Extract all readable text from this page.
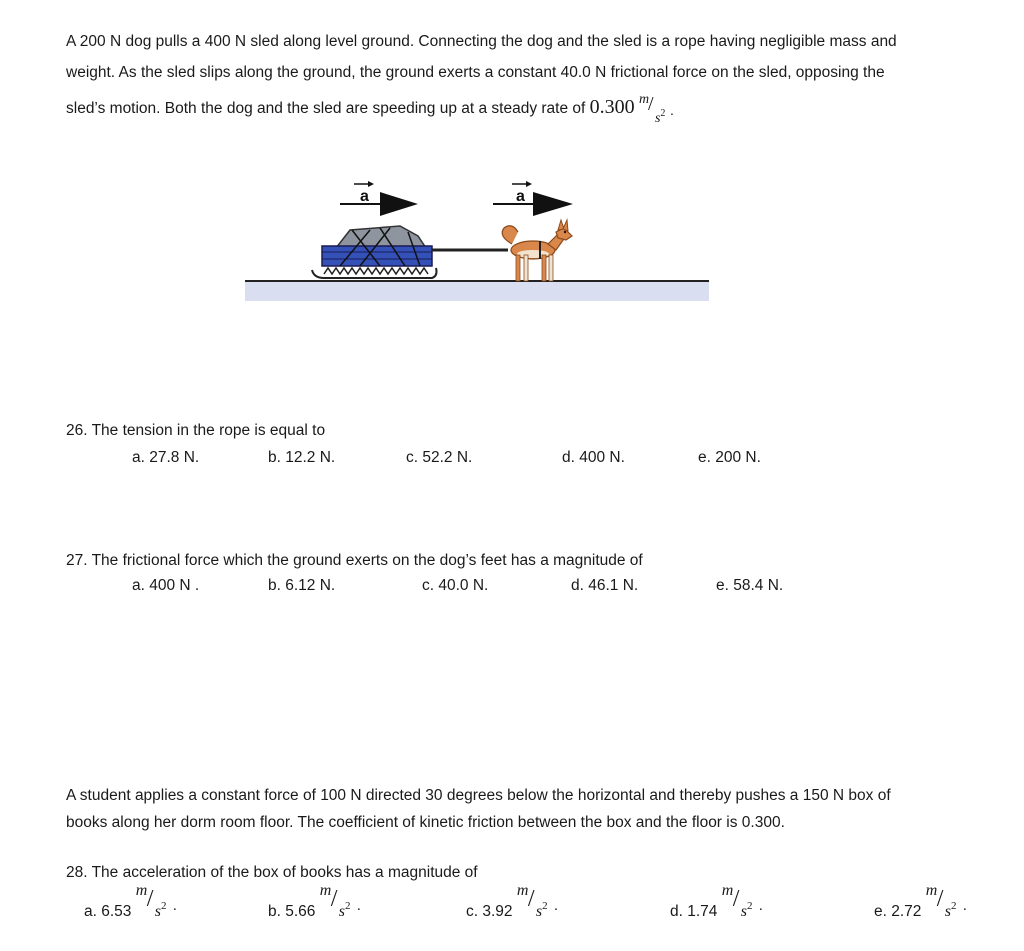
A 200 N dog pulls a 400 N sled along level ground. Connecting the dog and the sled is a rope having negligible mass and
weight. As the sled slips along the ground, the ground exerts a constant 40.0 N frictional force on the sled, opposing the
sled’s motion. Both the dog and the sled are speeding up at a steady rate of 0.300 m
/
$s^2$ .
a	a
26. The tension in the rope is equal to
a. 27.8 N.	b. 12.2 N.	c. 52.2 N.	d. 400 N.	e. 200 N.
27. The frictional force which the ground exerts on the dog’s feet has a magnitude of
a. 400 N .	b. 6.12 N.	c. 40.0 N.	d. 46.1 N.	e. 58.4 N.
A student applies a constant force of 100 N directed 30 degrees below the horizontal and thereby pushes a 150 N box of
books along her dorm room floor. The coefficient of kinetic friction between the box and the floor is 0.300.
28. The acceleration of the box of books has a magnitude of
a. 6.53
m / $s^2$ .	b. 5.66
m / $s^2$ .	c. 3.92
m / $s^2$ .	d. 1.74
m / $s^2$ .	e. 2.72
m / $s^2$ .
